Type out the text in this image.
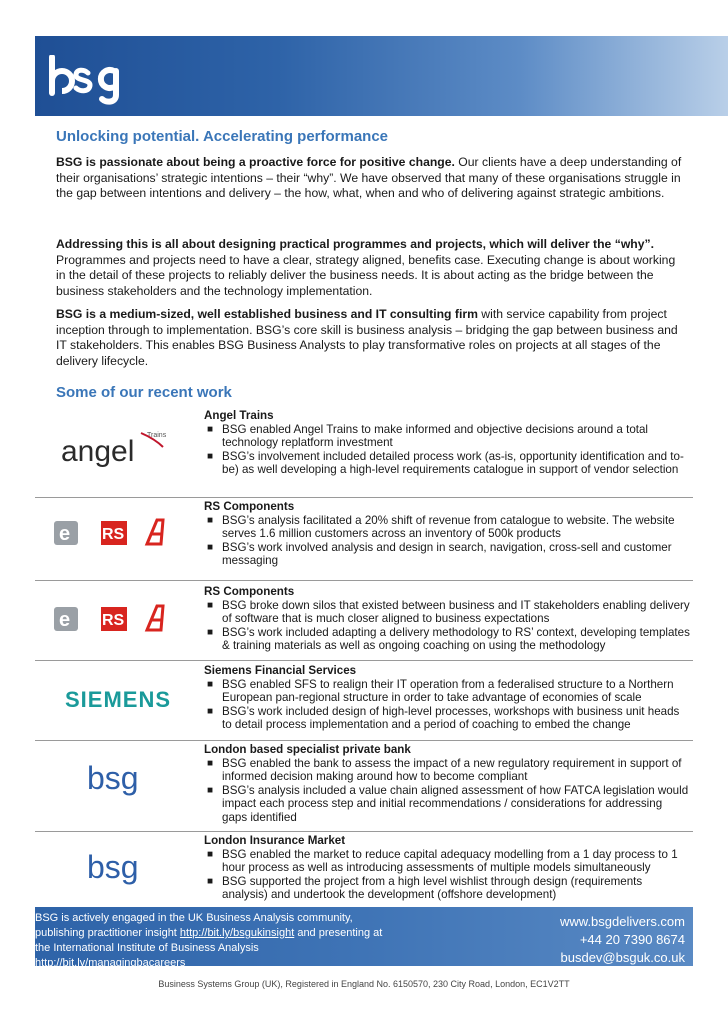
Unlocking potential. Accelerating performance

BSG is passionate about being a proactive force for positive change. Our clients have a deep understanding of their organisations’ strategic intentions – their “why”. We have observed that many of these organisations struggle in the gap between intentions and delivery – the how, what, when and who of delivering against strategic ambitions.

Addressing this is all about designing practical programmes and projects, which will deliver the “why”. Programmes and projects need to have a clear, strategy aligned, benefits case. Executing change is about working in the detail of these projects to reliably deliver the business needs. It is about acting as the bridge between the business stakeholders and the technology implementation.

BSG is a medium-sized, well established business and IT consulting firm with service capability from project inception through to implementation. BSG’s core skill is business analysis – bridging the gap between business and IT stakeholders. This enables BSG Business Analysts to play transformative roles on projects at all stages of the delivery lifecycle.

Some of our recent work
angel Trains
Angel Trains
■ BSG enabled Angel Trains to make informed and objective decisions around a total technology replatform investment
■ BSG’s involvement included detailed process work (as-is, opportunity identification and to-be) as well developing a high-level requirements catalogue in support of vendor selection
e RS
RS Components
■ BSG’s analysis facilitated a 20% shift of revenue from catalogue to website. The website serves 1.6 million customers across an inventory of 500k products
■ BSG’s work involved analysis and design in search, navigation, cross-sell and customer messaging
e RS
RS Components
■ BSG broke down silos that existed between business and IT stakeholders enabling delivery of software that is much closer aligned to business expectations
■ BSG’s work included adapting a delivery methodology to RS’ context, developing templates & training materials as well as ongoing coaching on using the methodology
SIEMENS
Siemens Financial Services
■ BSG enabled SFS to realign their IT operation from a federalised structure to a Northern European pan-regional structure in order to take advantage of economies of scale
■ BSG’s work included design of high-level processes, workshops with business unit heads to detail process implementation and a period of coaching to embed the change
bsg
London based specialist private bank
■ BSG enabled the bank to assess the impact of a new regulatory requirement in support of informed decision making around how to become compliant
■ BSG’s analysis included a value chain aligned assessment of how FATCA legislation would impact each process step and initial recommendations / considerations for addressing gaps identified
bsg
London Insurance Market
■ BSG enabled the market to reduce capital adequacy modelling from a 1 day process to 1 hour process as well as introducing assessments of multiple models simultaneously
■ BSG supported the project from a high level wishlist through design (requirements analysis) and undertook the development (offshore development)
BSG is actively engaged in the UK Business Analysis community,
publishing practitioner insight http://bit.ly/bsgukinsight and presenting at
the International Institute of Business Analysis
http://bit.ly/managingbacareers
www.bsgdelivers.com
+44 20 7390 8674
busdev@bsguk.co.uk
Business Systems Group (UK), Registered in England No. 6150570, 230 City Road, London, EC1V2TT
